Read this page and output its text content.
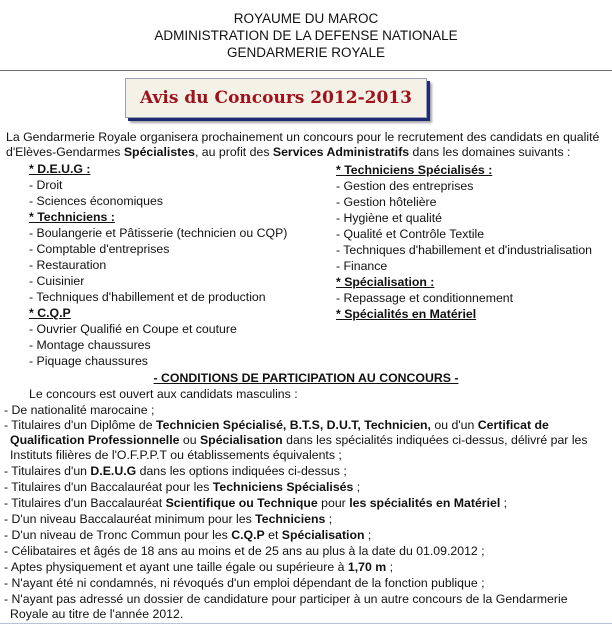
ROYAUME DU MAROC
ADMINISTRATION DE LA DEFENSE NATIONALE
GENDARMERIE ROYALE
Avis du Concours 2012-2013
La Gendarmerie Royale organisera prochainement un concours pour le recrutement des candidats en qualité
d'Elèves-Gendarmes Spécialistes, au profit des Services Administratifs dans les domaines suivants :
* D.E.U.G :
- Droit
- Sciences économiques
* Techniciens :
- Boulangerie et Pâtisserie (technicien ou CQP)
- Comptable d'entreprises
- Restauration
- Cuisinier
- Techniques d'habillement et de production
* C.Q.P
- Ouvrier Qualifié en Coupe et couture
- Montage chaussures
- Piquage chaussures
* Techniciens Spécialisés :
- Gestion des entreprises
- Gestion hôtelière
- Hygiène et qualité
- Qualité et Contrôle Textile
- Techniques d'habillement et d'industrialisation
- Finance
* Spécialisation :
- Repassage et conditionnement
* Spécialités en Matériel
- CONDITIONS DE PARTICIPATION AU CONCOURS -
Le concours est ouvert aux candidats masculins :
- De nationalité marocaine ;
- Titulaires d'un Diplôme de Technicien Spécialisé, B.T.S, D.U.T, Technicien, ou d'un Certificat de
Qualification Professionnelle ou Spécialisation dans les spécialités indiquées ci-dessus, délivré par les
Instituts filières de l'O.F.P.P.T ou établissements équivalents ;
- Titulaires d'un D.E.U.G dans les options indiquées ci-dessus ;
- Titulaires d'un Baccalauréat pour les Techniciens Spécialisés ;
- Titulaires d'un Baccalauréat Scientifique ou Technique pour les spécialités en Matériel ;
- D'un niveau Baccalauréat minimum pour les Techniciens ;
- D'un niveau de Tronc Commun pour les C.Q.P et Spécialisation ;
- Célibataires et âgés de 18 ans au moins et de 25 ans au plus à la date du 01.09.2012 ;
- Aptes physiquement et ayant une taille égale ou supérieure à 1,70 m ;
- N'ayant été ni condamnés, ni révoqués d'un emploi dépendant de la fonction publique ;
- N'ayant pas adressé un dossier de candidature pour participer à un autre concours de la Gendarmerie
Royale au titre de l'année 2012.
